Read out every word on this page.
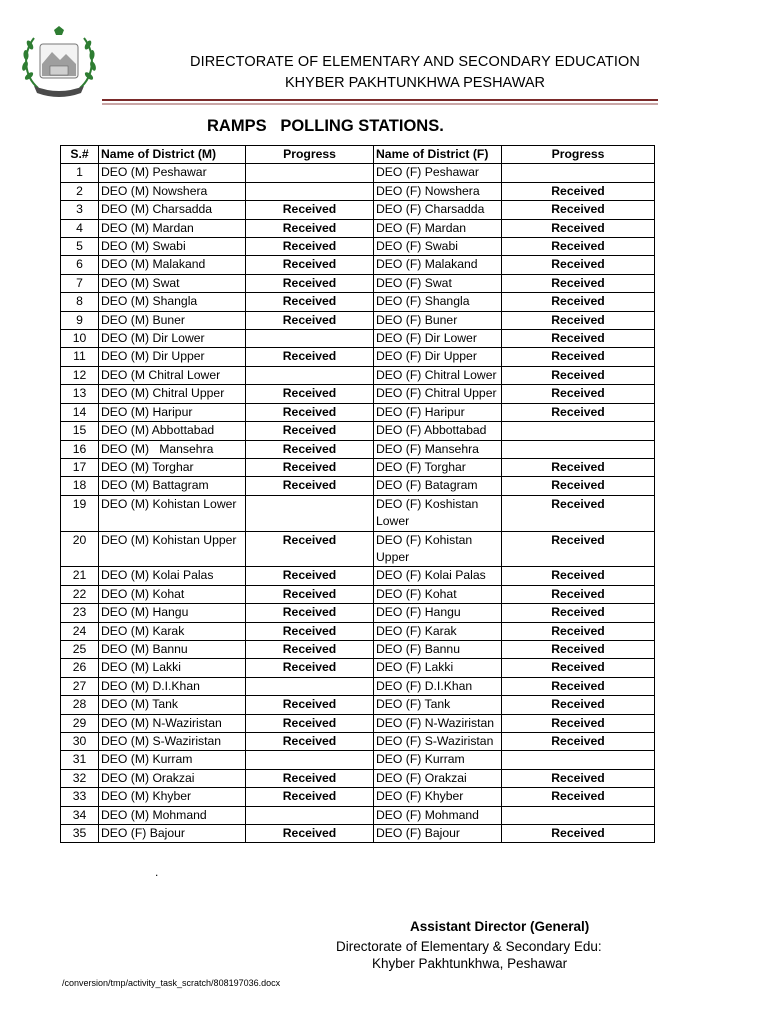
DIRECTORATE OF ELEMENTARY AND SECONDARY EDUCATION
KHYBER PAKHTUNKHWA PESHAWAR
RAMPS   POLLING STATIONS.
S.#	Name of District (M)	Progress	Name of District (F)	Progress
1	DEO (M) Peshawar		DEO (F) Peshawar	
2	DEO (M) Nowshera		DEO (F) Nowshera	Received
3	DEO (M) Charsadda	Received	DEO (F) Charsadda	Received
4	DEO (M) Mardan	Received	DEO (F) Mardan	Received
5	DEO (M) Swabi	Received	DEO (F) Swabi	Received
6	DEO (M) Malakand	Received	DEO (F) Malakand	Received
7	DEO (M) Swat	Received	DEO (F) Swat	Received
8	DEO (M) Shangla	Received	DEO (F) Shangla	Received
9	DEO (M) Buner	Received	DEO (F) Buner	Received
10	DEO (M) Dir Lower		DEO (F) Dir Lower	Received
11	DEO (M) Dir Upper	Received	DEO (F) Dir Upper	Received
12	DEO (M Chitral Lower		DEO (F) Chitral Lower	Received
13	DEO (M) Chitral Upper	Received	DEO (F) Chitral Upper	Received
14	DEO (M) Haripur	Received	DEO (F) Haripur	Received
15	DEO (M) Abbottabad	Received	DEO (F) Abbottabad	
16	DEO (M)   Mansehra	Received	DEO (F) Mansehra	
17	DEO (M) Torghar	Received	DEO (F) Torghar	Received
18	DEO (M) Battagram	Received	DEO (F) Batagram	Received
19	DEO (M) Kohistan Lower		DEO (F) Koshistan Lower	Received
20	DEO (M) Kohistan Upper	Received	DEO (F) Kohistan Upper	Received
21	DEO (M) Kolai Palas	Received	DEO (F) Kolai Palas	Received
22	DEO (M) Kohat	Received	DEO (F) Kohat	Received
23	DEO (M) Hangu	Received	DEO (F) Hangu	Received
24	DEO (M) Karak	Received	DEO (F) Karak	Received
25	DEO (M) Bannu	Received	DEO (F) Bannu	Received
26	DEO (M) Lakki	Received	DEO (F) Lakki	Received
27	DEO (M) D.I.Khan		DEO (F) D.I.Khan	Received
28	DEO (M) Tank	Received	DEO (F) Tank	Received
29	DEO (M) N-Waziristan	Received	DEO (F) N-Waziristan	Received
30	DEO (M) S-Waziristan	Received	DEO (F) S-Waziristan	Received
31	DEO (M) Kurram		DEO (F) Kurram	
32	DEO (M) Orakzai	Received	DEO (F) Orakzai	Received
33	DEO (M) Khyber	Received	DEO (F) Khyber	Received
34	DEO (M) Mohmand		DEO (F) Mohmand	
35	DEO (F) Bajour	Received	DEO (F) Bajour	Received
.
Assistant Director (General)
Directorate of Elementary & Secondary Edu:
Khyber Pakhtunkhwa, Peshawar
/conversion/tmp/activity_task_scratch/808197036.docx
